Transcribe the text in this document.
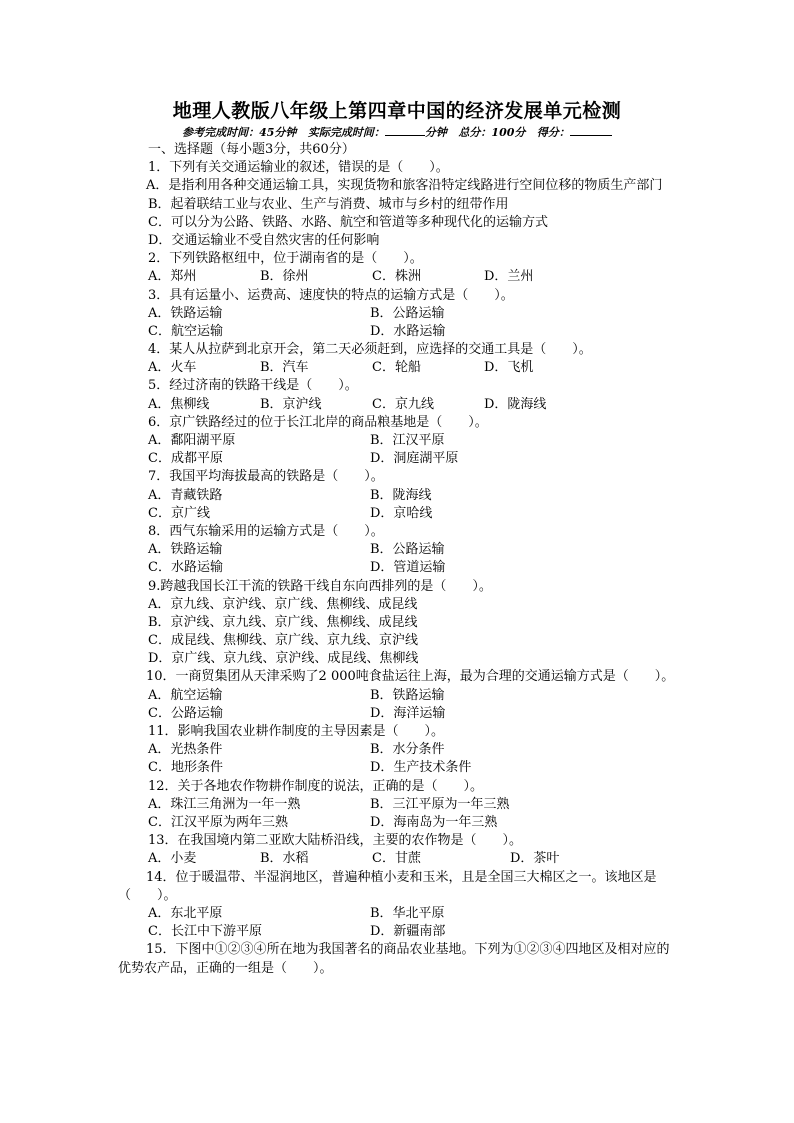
地理人教版八年级上第四章中国的经济发展单元检测
参考完成时间：45分钟 实际完成时间：	分钟 总分：100分 得分：
一、选择题（每小题3分，共60分）
1．下列有关交通运输业的叙述，错误的是（　　）。
A．是指利用各种交通运输工具，实现货物和旅客沿特定线路进行空间位移的物质生产部门
B．起着联结工业与农业、生产与消费、城市与乡村的纽带作用
C．可以分为公路、铁路、水路、航空和管道等多种现代化的运输方式
D．交通运输业不受自然灾害的任何影响
2．下列铁路枢纽中，位于湖南省的是（　　）。
A．郑州	B．徐州	C．株洲	D．兰州
3．具有运量小、运费高、速度快的特点的运输方式是（　　）。
A．铁路运输	B．公路运输
C．航空运输	D．水路运输
4．某人从拉萨到北京开会，第二天必须赶到，应选择的交通工具是（　　）。
A．火车	B．汽车	C．轮船	D．飞机
5．经过济南的铁路干线是（　　）。
A．焦柳线	B．京沪线	C．京九线	D．陇海线
6．京广铁路经过的位于长江北岸的商品粮基地是（　　）。
A．鄱阳湖平原	B．江汉平原
C．成都平原	D．洞庭湖平原
7．我国平均海拔最高的铁路是（　　）。
A．青藏铁路	B．陇海线
C．京广线	D．京哈线
8．西气东输采用的运输方式是（　　）。
A．铁路运输	B．公路运输
C．水路运输	D．管道运输
9.跨越我国长江干流的铁路干线自东向西排列的是（　　）。
A．京九线、京沪线、京广线、焦柳线、成昆线
B．京沪线、京九线、京广线、焦柳线、成昆线
C．成昆线、焦柳线、京广线、京九线、京沪线
D．京广线、京九线、京沪线、成昆线、焦柳线
10．一商贸集团从天津采购了2 000吨食盐运往上海，最为合理的交通运输方式是（　　）。
A．航空运输	B．铁路运输
C．公路运输	D．海洋运输
11．影响我国农业耕作制度的主导因素是（　　）。
A．光热条件	B．水分条件
C．地形条件	D．生产技术条件
12．关于各地农作物耕作制度的说法，正确的是（　　）。
A．珠江三角洲为一年一熟	B．三江平原为一年三熟
C．江汉平原为两年三熟	D．海南岛为一年三熟
13．在我国境内第二亚欧大陆桥沿线，主要的农作物是（　　）。
A．小麦	B．水稻	C．甘蔗	D．茶叶
14．位于暖温带、半湿润地区，普遍种植小麦和玉米，且是全国三大棉区之一。该地区是（　　）。
A．东北平原	B．华北平原
C．长江中下游平原	D．新疆南部
15．下图中①②③④所在地为我国著名的商品农业基地。下列为①②③④四地区及相对应的优势农产品，正确的一组是（　　）。
